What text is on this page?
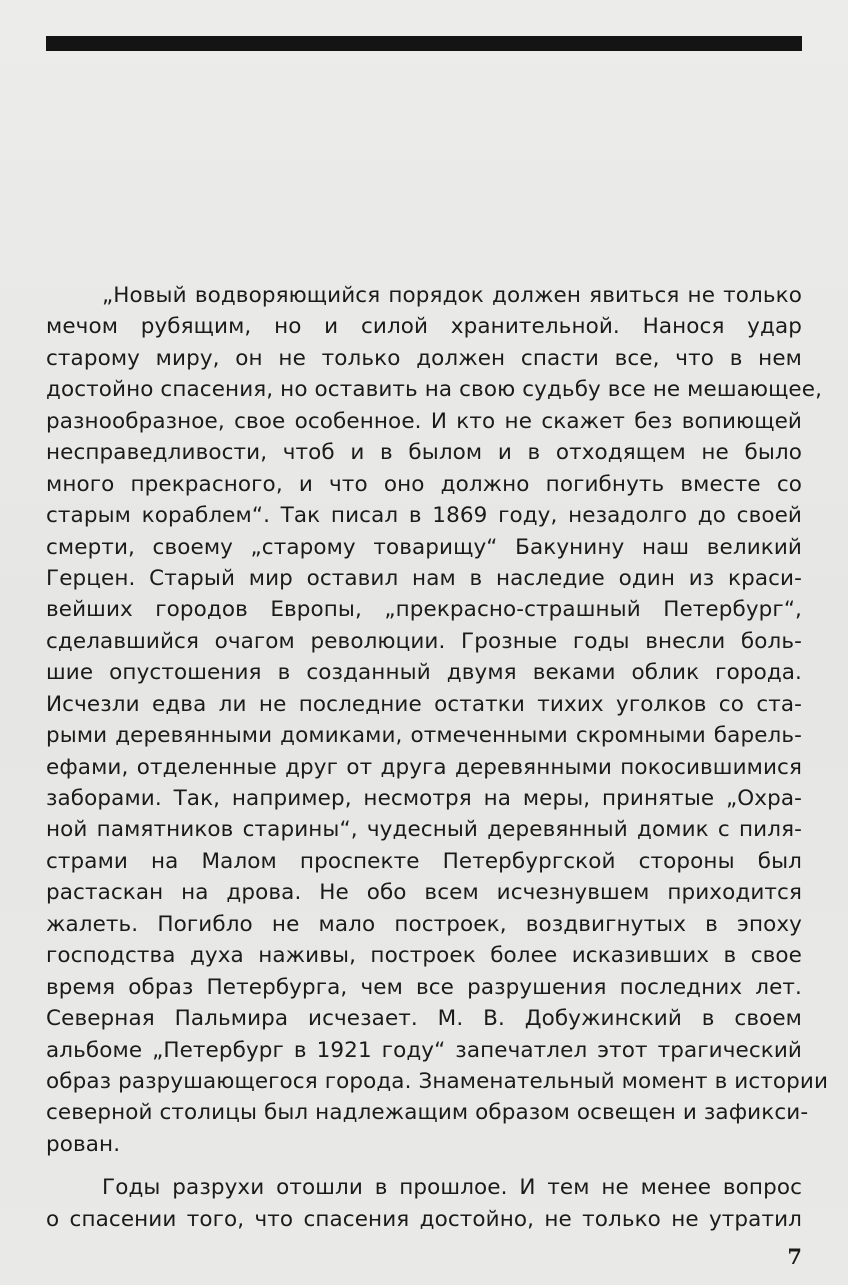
„Новый водворяющийся порядок должен явиться не только
мечом рубящим, но и силой хранительной. Нанося удар
старому миру, он не только должен спасти все, что в нем
достойно спасения, но оставить на свою судьбу все не мешающее,
разнообразное, свое особенное. И кто не скажет без вопиющей
несправедливости, чтоб и в былом и в отходящем не было
много прекрасного, и что оно должно погибнуть вместе со
старым кораблем“. Так писал в 1869 году, незадолго до своей
смерти, своему „старому товарищу“ Бакунину наш великий
Герцен. Старый мир оставил нам в наследие один из краси-
вейших городов Европы, „прекрасно-страшный Петербург“,
сделавшийся очагом революции. Грозные годы внесли боль-
шие опустошения в созданный двумя веками облик города.
Исчезли едва ли не последние остатки тихих уголков со ста-
рыми деревянными домиками, отмеченными скромными барель-
ефами, отделенные друг от друга деревянными покосившимися
заборами. Так, например, несмотря на меры, принятые „Охра-
ной памятников старины“, чудесный деревянный домик с пиля-
страми на Малом проспекте Петербургской стороны был
растаскан на дрова. Не обо всем исчезнувшем приходится
жалеть. Погибло не мало построек, воздвигнутых в эпоху
господства духа наживы, построек более исказивших в свое
время образ Петербурга, чем все разрушения последних лет.
Северная Пальмира исчезает. М. В. Добужинский в своем
альбоме „Петербург в 1921 году“ запечатлел этот трагический
образ разрушающегося города. Знаменательный момент в истории
северной столицы был надлежащим образом освещен и зафикси-
рован.
Годы разрухи отошли в прошлое. И тем не менее вопрос
о спасении того, что спасения достойно, не только не утратил
7
